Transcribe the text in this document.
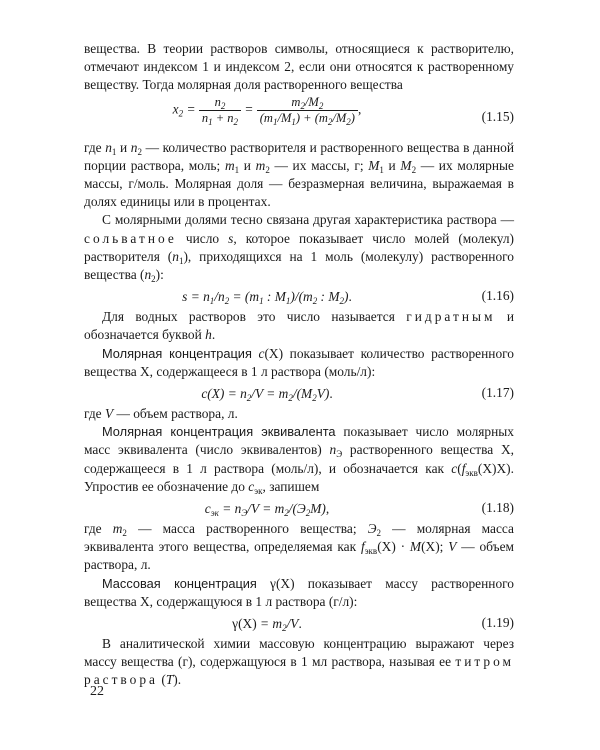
вещества. В теории растворов символы, относящиеся к растворителю, отмечают индексом 1 и индексом 2, если они относятся к растворенному веществу. Тогда молярная доля растворенного вещества

$x_2 = \frac{n_2}{n_1 + n_2} = \frac{m_2/M_2}{(m_1/M_1) + (m_2/M_2)}$ ,	(1.15)

где $n_1$ и $n_2$ — количество растворителя и растворенного вещества в данной порции раствора, моль; $m_1$ и $m_2$ — их массы, г; $M_1$ и $M_2$ — их молярные массы, г/моль. Молярная доля — безразмерная величина, выражаемая в долях единицы или в процентах.

С молярными долями тесно связана другая характеристика раствора — сольватное число s, которое показывает число молей (молекул) растворителя $(n_1)$, приходящихся на 1 моль (молекулу) растворенного вещества $(n_2)$:

$s = n_1/n_2 = (m_1$ : $M_1)/(m_2$ : $M_2$).	(1.16)

Для водных растворов это число называется гидратным и обозначается буквой h.

Молярная концентрация c(X) показывает количество растворенного вещества X, содержащееся в 1 л раствора (моль/л):

$c(X) = n_2/V = m_2/(M_2V)$.	(1.17)

где V — объем раствора, л.

Молярная концентрация эквивалента показывает число молярных масс эквивалента (число эквивалентов) $n_Э$ растворенного вещества X, содержащееся в 1 л раствора (моль/л), и обозначается как $c(f_{экв}(X)X)$. Упростив ее обозначение до $c_{эк}$, запишем

$c_{эк} = n_Э/V = m_2/(Э_2M)$,	(1.18)

где $m_2$ — масса растворенного вещества; $Э_2$ — молярная масса эквивалента этого вещества, определяемая как $f_{экв}(X) \cdot M(X)$; V — объем раствора, л.

Массовая концентрация γ(X) показывает массу растворенного вещества X, содержащуюся в 1 л раствора (г/л):

$\gamma(X) = m_2/V$.	(1.19)

В аналитической химии массовую концентрацию выражают через массу вещества (г), содержащуюся в 1 мл раствора, называя ее титром раствора (T).

22
